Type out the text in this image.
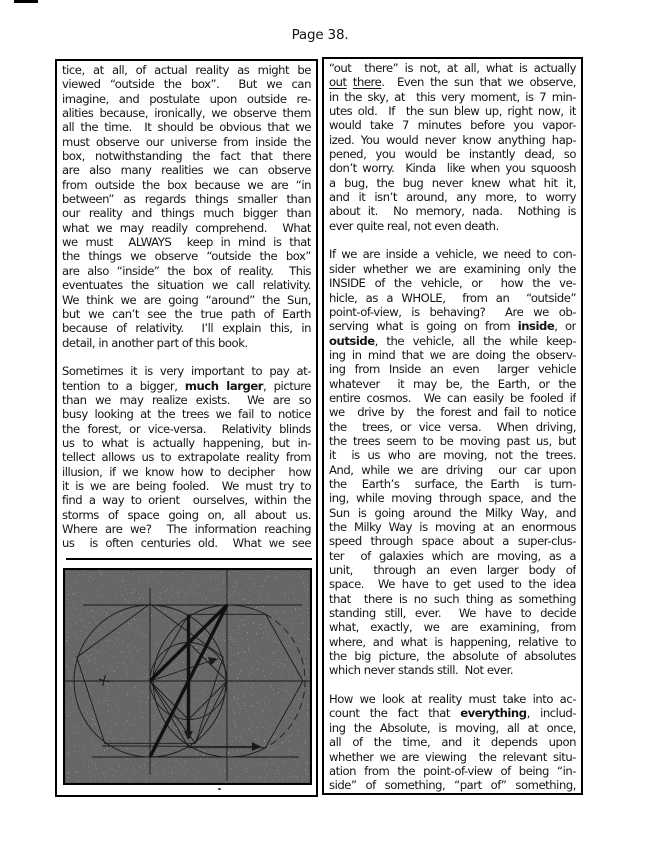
Page 38.
tice, at all, of actual reality as might be
viewed “outside the box”.  But we can
imagine, and postulate upon outside re-
alities because, ironically, we observe them
all the time.  It should be obvious that we
must observe our universe from inside the
box, notwithstanding the fact that there
are also many realities we can observe
from outside the box because we are “in
between” as regards things smaller than
our reality and things much bigger than
what we may readily comprehend.  What
we must  ALWAYS  keep in mind is that
the things we observe “outside the box”
are also “inside” the box of reality.  This
eventuates the situation we call relativity.
We think we are going “around” the Sun,
but we can’t see the true path of Earth
because of relativity.  I’ll explain this, in
detail, in another part of this book.
Sometimes it is very important to pay at-
tention to a bigger, much larger, picture
than we may realize exists.  We are so
busy looking at the trees we fail to notice
the forest, or vice-versa.  Relativity blinds
us to what is actually happening, but in-
tellect allows us to extrapolate reality from
illusion, if we know how to decipher  how
it is we are being fooled.  We must try to
find a way to orient  ourselves, within the
storms of space going on, all about us.
Where are we?  The information reaching
us  is often centuries old.  What we see
“out  there” is not, at all, what is actually
out there.  Even the sun that we observe,
in the sky, at  this very moment, is 7 min-
utes old.  If  the sun blew up, right now, it
would take 7 minutes before you vapor-
ized. You would never know anything hap-
pened, you would be instantly dead, so
don’t worry.  Kinda  like when you squoosh
a bug, the bug never knew what hit it,
and it isn’t around, any more, to worry
about it.  No memory, nada.  Nothing is
ever quite real, not even death.
If we are inside a vehicle, we need to con-
sider whether we are examining only the
INSIDE of the vehicle, or  how the ve-
hicle, as a WHOLE,  from an  “outside”
point-of-view, is behaving?  Are we ob-
serving what is going on from inside, or
outside, the vehicle, all the while keep-
ing in mind that we are doing the observ-
ing from Inside an even  larger vehicle
whatever  it may be, the Earth, or the
entire cosmos.  We can easily be fooled if
we  drive by  the forest and fail to notice
the  trees, or vice versa.  When driving,
the trees seem to be moving past us, but
it  is us who are moving, not the trees.
And, while we are driving  our car upon
the  Earth’s  surface, the Earth  is turn-
ing, while moving through space, and the
Sun is going around the Milky Way, and
the Milky Way is moving at an enormous
speed through space about a super-clus-
ter  of galaxies which are moving, as a
unit,  through an even larger body of
space.  We have to get used to the idea
that  there is no such thing as something
standing still, ever.  We have to decide
what, exactly, we are examining, from
where, and what is happening, relative to
the big picture, the absolute of absolutes
which never stands still.  Not ever.
How we look at reality must take into ac-
count the fact that everything, includ-
ing the Absolute, is moving, all at once,
all of the time, and it depends upon
whether we are viewing  the relevant situ-
ation from the point-of-view of being “in-
side” of something, “part of” something,
